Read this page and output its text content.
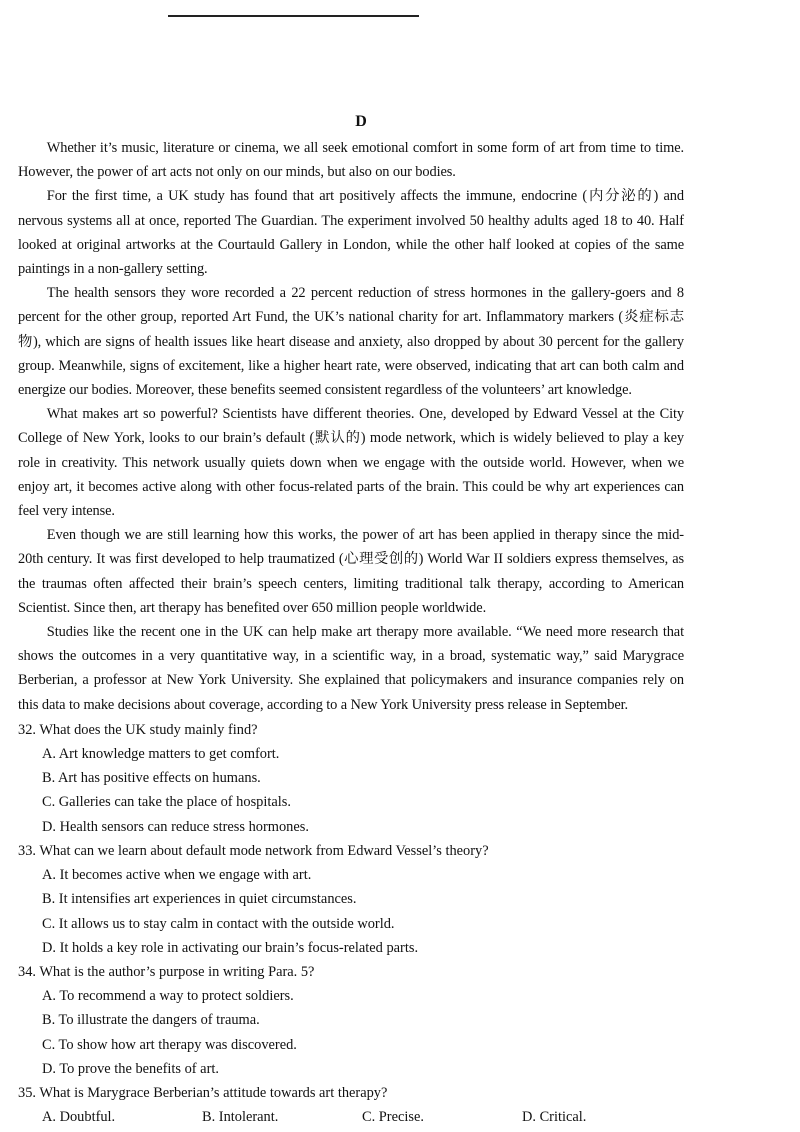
D

Whether it’s music, literature or cinema, we all seek emotional comfort in some form of art from time to time. However, the power of art acts not only on our minds, but also on our bodies.

For the first time, a UK study has found that art positively affects the immune, endocrine (内分泌的) and nervous systems all at once, reported The Guardian. The experiment involved 50 healthy adults aged 18 to 40. Half looked at original artworks at the Courtauld Gallery in London, while the other half looked at copies of the same paintings in a non-gallery setting.

The health sensors they wore recorded a 22 percent reduction of stress hormones in the gallery-goers and 8 percent for the other group, reported Art Fund, the UK’s national charity for art. Inflammatory markers (炎症标志物), which are signs of health issues like heart disease and anxiety, also dropped by about 30 percent for the gallery group. Meanwhile, signs of excitement, like a higher heart rate, were observed, indicating that art can both calm and energize our bodies. Moreover, these benefits seemed consistent regardless of the volunteers’ art knowledge.

What makes art so powerful? Scientists have different theories. One, developed by Edward Vessel at the City College of New York, looks to our brain’s default (默认的) mode network, which is widely believed to play a key role in creativity. This network usually quiets down when we engage with the outside world. However, when we enjoy art, it becomes active along with other focus-related parts of the brain. This could be why art experiences can feel very intense.

Even though we are still learning how this works, the power of art has been applied in therapy since the mid-20th century. It was first developed to help traumatized (心理受创的) World War II soldiers express themselves, as the traumas often affected their brain’s speech centers, limiting traditional talk therapy, according to American Scientist. Since then, art therapy has benefited over 650 million people worldwide.

Studies like the recent one in the UK can help make art therapy more available. “We need more research that shows the outcomes in a very quantitative way, in a scientific way, in a broad, systematic way,” said Marygrace Berberian, a professor at New York University. She explained that policymakers and insurance companies rely on this data to make decisions about coverage, according to a New York University press release in September.

32. What does the UK study mainly find?

A. Art knowledge matters to get comfort.
B. Art has positive effects on humans.
C. Galleries can take the place of hospitals.
D. Health sensors can reduce stress hormones.

33. What can we learn about default mode network from Edward Vessel’s theory?

A. It becomes active when we engage with art.
B. It intensifies art experiences in quiet circumstances.
C. It allows us to stay calm in contact with the outside world.
D. It holds a key role in activating our brain’s focus-related parts.

34. What is the author’s purpose in writing Para. 5?

A. To recommend a way to protect soldiers.
B. To illustrate the dangers of trauma.
C. To show how art therapy was discovered.
D. To prove the benefits of art.

35. What is Marygrace Berberian’s attitude towards art therapy?

A. Doubtful.	B. Intolerant.	C. Precise.	D. Critical.
